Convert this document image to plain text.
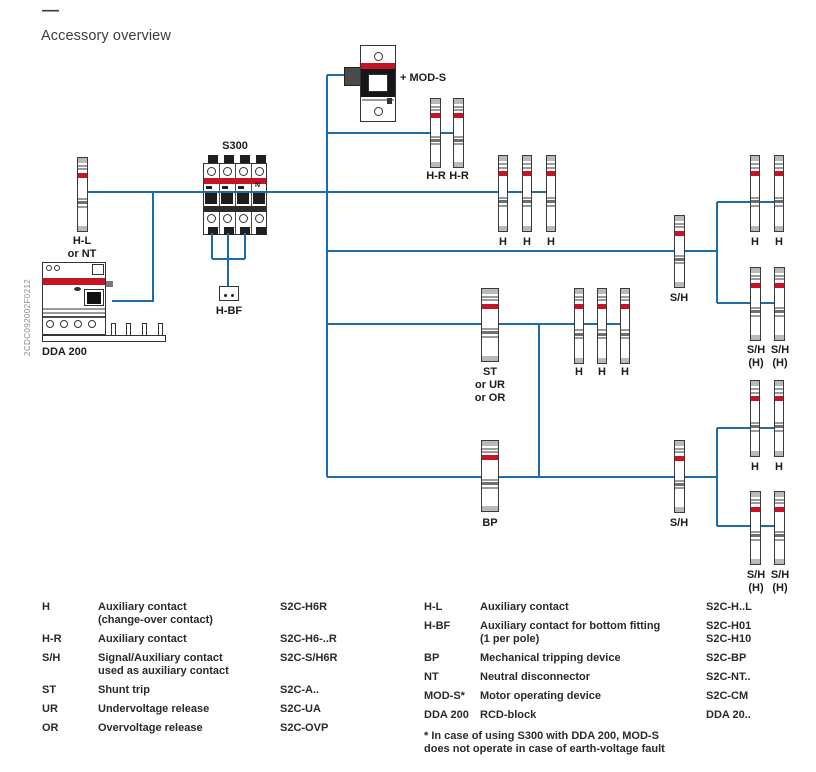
—
Accessory overview
2CDC092002F0212
N
+ MOD-S
H-L
or NT
S300
H-R H-R
H H H
S/H
H H
S/H S/H
(H) (H)
ST
or UR
or OR
H H H
BP	S/H
H H
S/H S/H
(H) (H)
H-BF
DDA 200
H	Auxiliary contact
(change-over contact)
S2C-H6R
H-R	Auxiliary contact	S2C-H6-..R
S/H	Signal/Auxiliary contact
used as auxiliary contact
S2C-S/H6R
ST	Shunt trip	S2C-A..
UR	Undervoltage release	S2C-UA
OR	Overvoltage release	S2C-OVP
H-L	Auxiliary contact	S2C-H..L
H-BF	Auxiliary contact for bottom fitting
(1 per pole)
S2C-H01
S2C-H10
BP	Mechanical tripping device	S2C-BP
NT	Neutral disconnector	S2C-NT..
MOD-S* Motor operating device	S2C-CM
DDA 200 RCD-block	DDA 20..
* In case of using S300 with DDA 200, MOD-S
does not operate in case of earth-voltage fault
